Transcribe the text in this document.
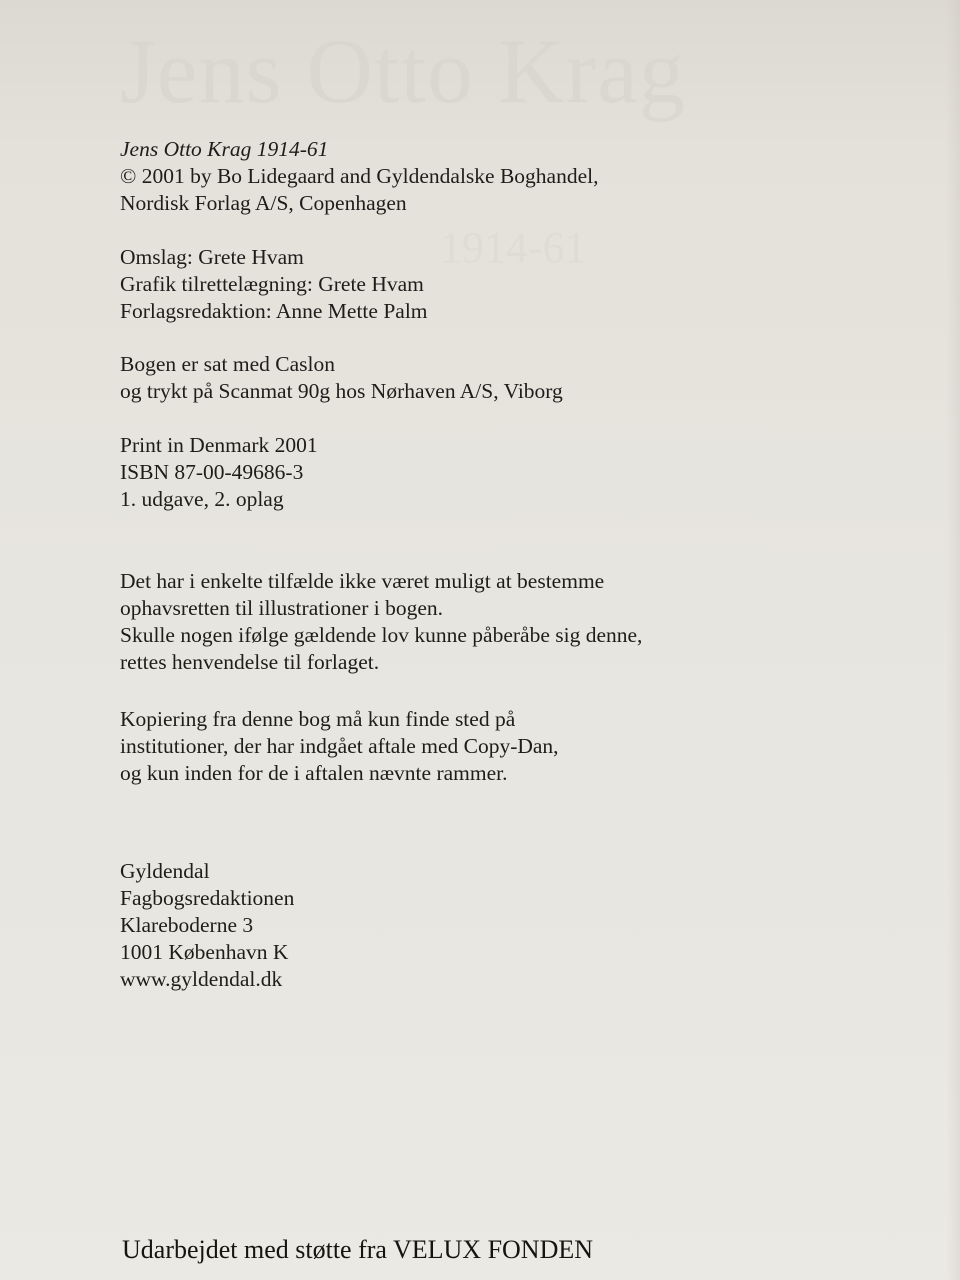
Jens Otto Krag
1914-61
Jens Otto Krag 1914-61
© 2001 by Bo Lidegaard and Gyldendalske Boghandel,
Nordisk Forlag A/S, Copenhagen
Omslag: Grete Hvam
Grafik tilrettelægning: Grete Hvam
Forlagsredaktion: Anne Mette Palm
Bogen er sat med Caslon
og trykt på Scanmat 90g hos Nørhaven A/S, Viborg
Print in Denmark 2001
ISBN 87-00-49686-3
1. udgave, 2. oplag
Det har i enkelte tilfælde ikke været muligt at bestemme
ophavsretten til illustrationer i bogen.
Skulle nogen ifølge gældende lov kunne påberåbe sig denne,
rettes henvendelse til forlaget.
Kopiering fra denne bog må kun finde sted på
institutioner, der har indgået aftale med Copy-Dan,
og kun inden for de i aftalen nævnte rammer.
Gyldendal
Fagbogsredaktionen
Klareboderne 3
1001 København K
www.gyldendal.dk
Udarbejdet med støtte fra VELUX FONDEN
